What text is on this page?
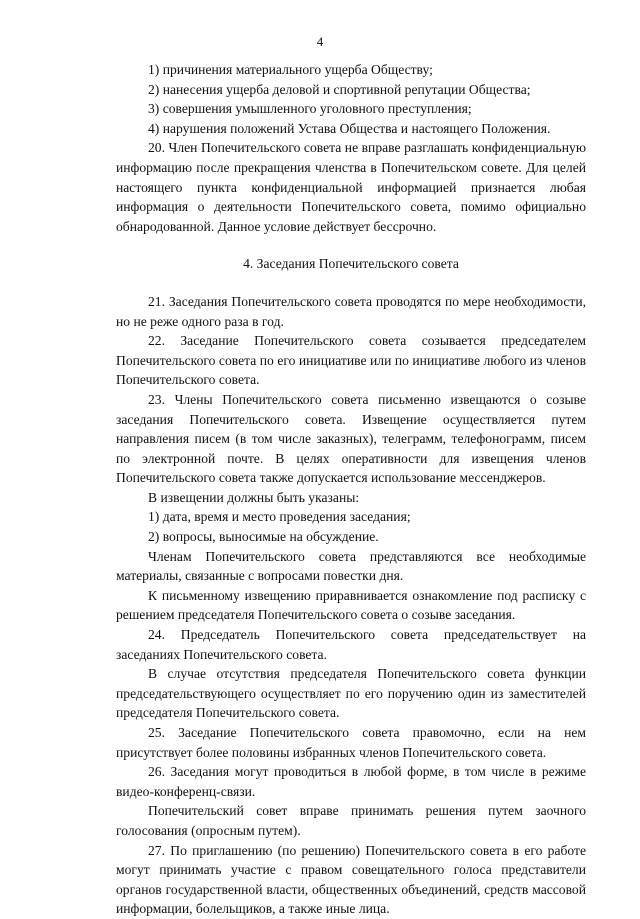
4

1) причинения материального ущерба Обществу;

2) нанесения ущерба деловой и спортивной репутации Общества;

3) совершения умышленного уголовного преступления;

4) нарушения положений Устава Общества и настоящего Положения.

20. Член Попечительского совета не вправе разглашать конфиденциальную информацию после прекращения членства в Попечительском совете. Для целей настоящего пункта конфиденциальной информацией признается любая информация о деятельности Попечительского совета, помимо официально обнародованной. Данное условие действует бессрочно.

4. Заседания Попечительского совета

21. Заседания Попечительского совета проводятся по мере необходимости, но не реже одного раза в год.

22. Заседание Попечительского совета созывается председателем Попечительского совета по его инициативе или по инициативе любого из членов Попечительского совета.

23. Члены Попечительского совета письменно извещаются о созыве заседания Попечительского совета. Извещение осуществляется путем направления писем (в том числе заказных), телеграмм, телефонограмм, писем по электронной почте. В целях оперативности для извещения членов Попечительского совета также допускается использование мессенджеров.

В извещении должны быть указаны:

1) дата, время и место проведения заседания;

2) вопросы, выносимые на обсуждение.

Членам Попечительского совета представляются все необходимые материалы, связанные с вопросами повестки дня.

К письменному извещению приравнивается ознакомление под расписку с решением председателя Попечительского совета о созыве заседания.

24. Председатель Попечительского совета председательствует на заседаниях Попечительского совета.

В случае отсутствия председателя Попечительского совета функции председательствующего осуществляет по его поручению один из заместителей председателя Попечительского совета.

25. Заседание Попечительского совета правомочно, если на нем присутствует более половины избранных членов Попечительского совета.

26. Заседания могут проводиться в любой форме, в том числе в режиме видео-конференц-связи.

Попечительский совет вправе принимать решения путем заочного голосования (опросным путем).

27. По приглашению (по решению) Попечительского совета в его работе могут принимать участие с правом совещательного голоса представители органов государственной власти, общественных объединений, средств массовой информации, болельщиков, а также иные лица.
